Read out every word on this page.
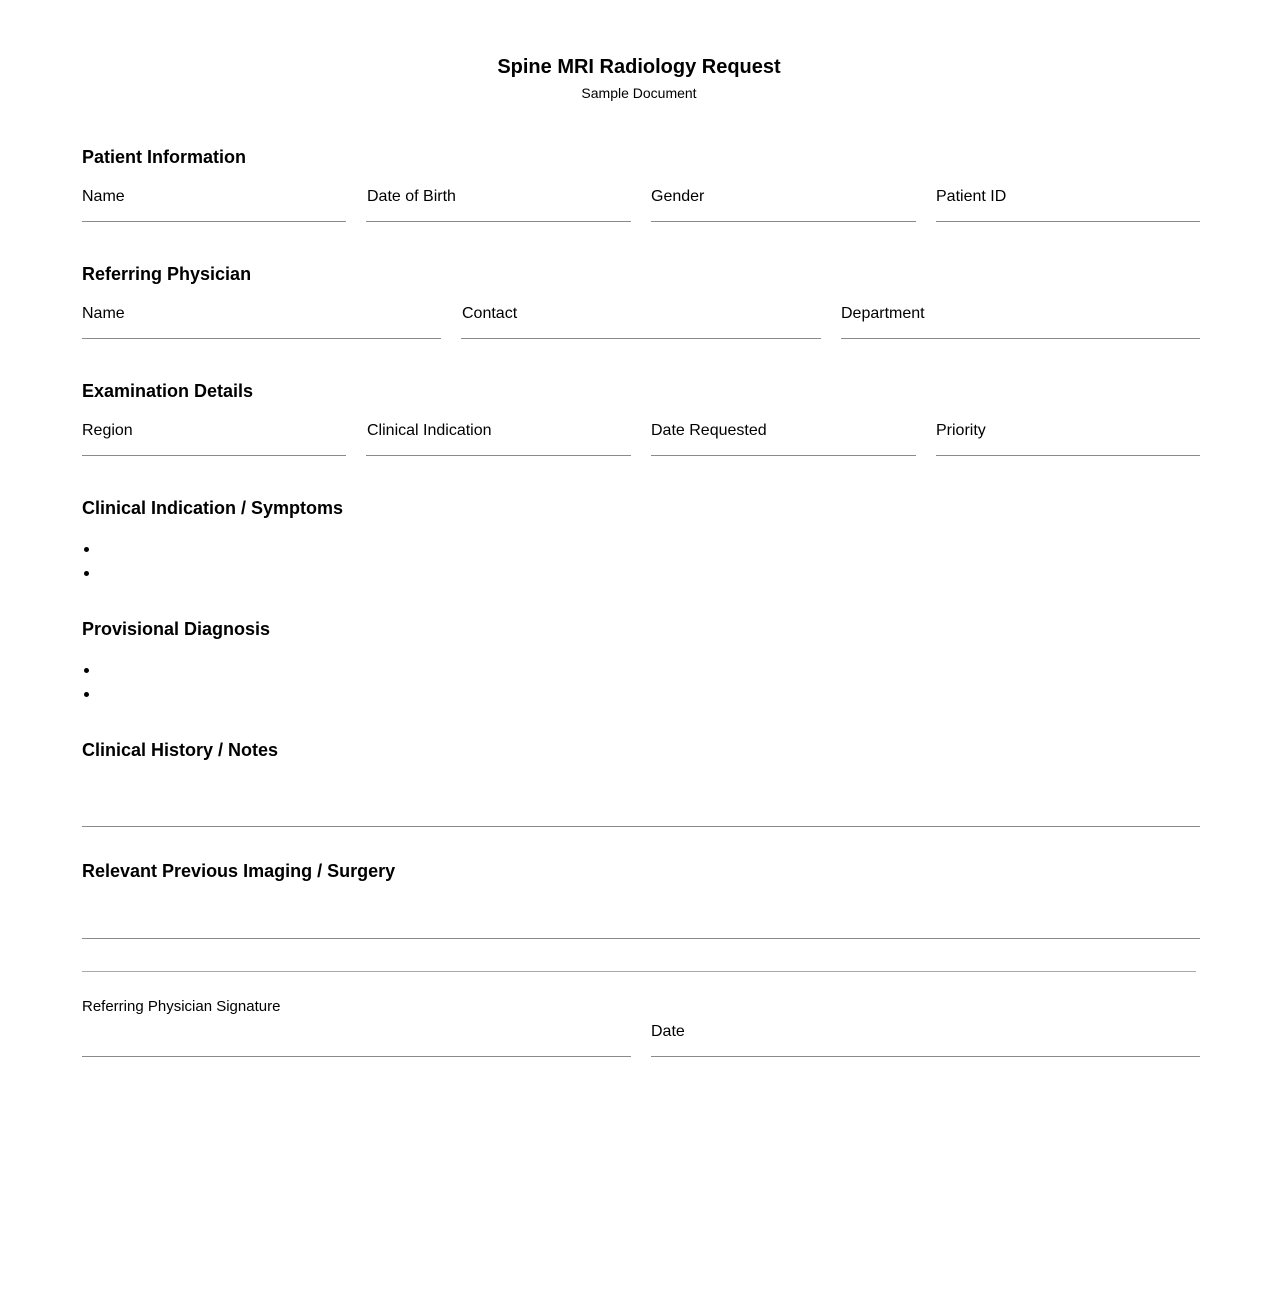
Spine MRI Radiology Request
Sample Document
Patient Information
Name	Date of Birth	Gender	Patient ID
Referring Physician
Name	Contact	Department
Examination Details
Region	Clinical Indication	Date Requested	Priority
Clinical Indication / Symptoms
Provisional Diagnosis
Clinical History / Notes
Relevant Previous Imaging / Surgery
Referring Physician Signature
Date
